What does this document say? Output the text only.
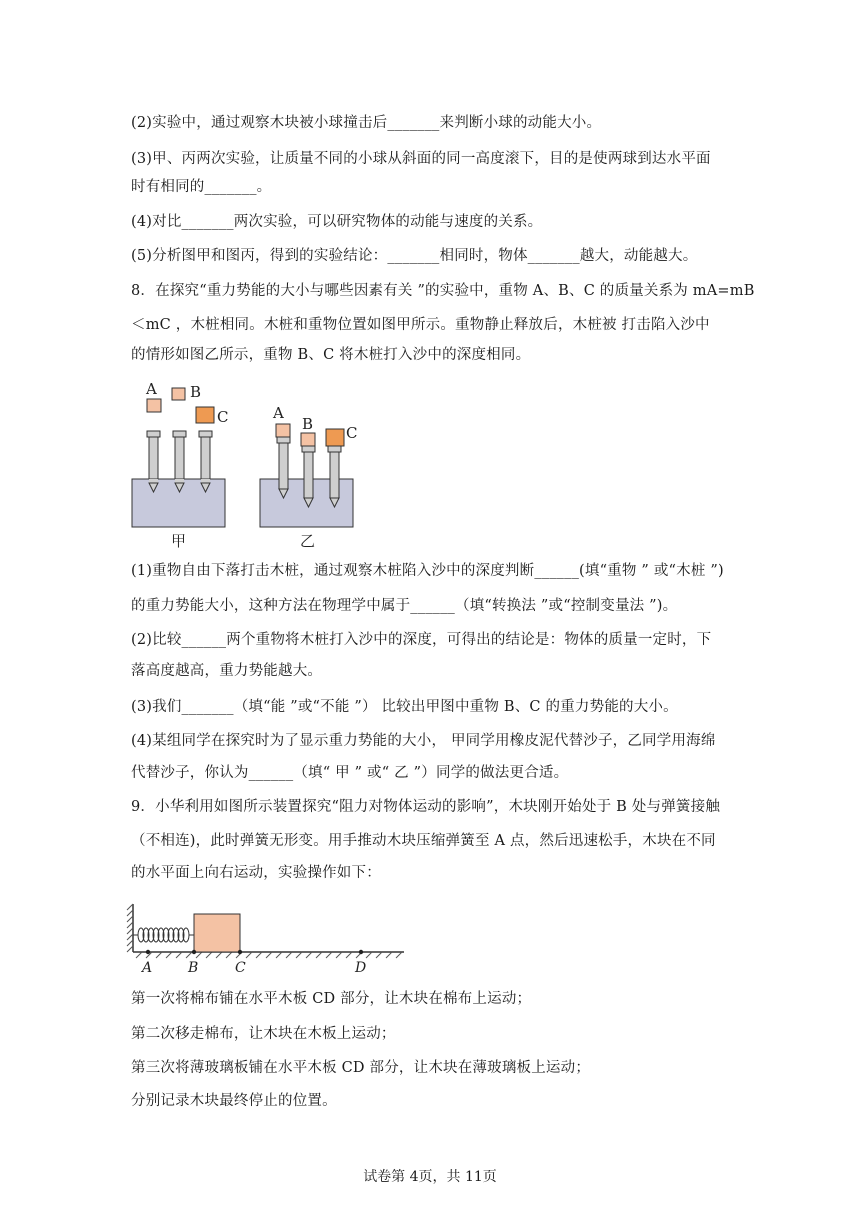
(2)实验中，通过观察木块被小球撞击后_______来判断小球的动能大小。
(3)甲、丙两次实验，让质量不同的小球从斜面的同一高度滚下，目的是使两球到达水平面
时有相同的_______。
(4)对比_______两次实验，可以研究物体的动能与速度的关系。
(5)分析图甲和图丙，得到的实验结论：_______相同时，物体_______越大，动能越大。
8．在探究“重力势能的大小与哪些因素有关 ”的实验中，重物 A、B、C 的质量关系为 mA=mB
＜mC ，木桩相同。木桩和重物位置如图甲所示。重物静止释放后，木桩被 打击陷入沙中
的情形如图乙所示，重物 B、C 将木桩打入沙中的深度相同。
A B
C
甲
A
B C
乙
(1)重物自由下落打击木桩，通过观察木桩陷入沙中的深度判断______(填“重物 ” 或“木桩 ”)
的重力势能大小，这种方法在物理学中属于______（填“转换法 ”或“控制变量法 ”)。
(2)比较______两个重物将木桩打入沙中的深度，可得出的结论是：物体的质量一定时，下
落高度越高，重力势能越大。
(3)我们_______（填“能 ”或“不能 ”） 比较出甲图中重物 B、C 的重力势能的大小。
(4)某组同学在探究时为了显示重力势能的大小， 甲同学用橡皮泥代替沙子，乙同学用海绵
代替沙子，你认为______（填“ 甲 ” 或“ 乙 ”）同学的做法更合适。
9．小华利用如图所示装置探究“阻力对物体运动的影响”，木块刚开始处于 B 处与弹簧接触
（不相连)，此时弹簧无形变。用手推动木块压缩弹簧至 A 点，然后迅速松手，木块在不同
的水平面上向右运动，实验操作如下：
A	B	C	D
第一次将棉布铺在水平木板 CD 部分，让木块在棉布上运动；
第二次移走棉布，让木块在木板上运动；
第三次将薄玻璃板铺在水平木板 CD 部分，让木块在薄玻璃板上运动；
分别记录木块最终停止的位置。
试卷第 4页，共 11页
